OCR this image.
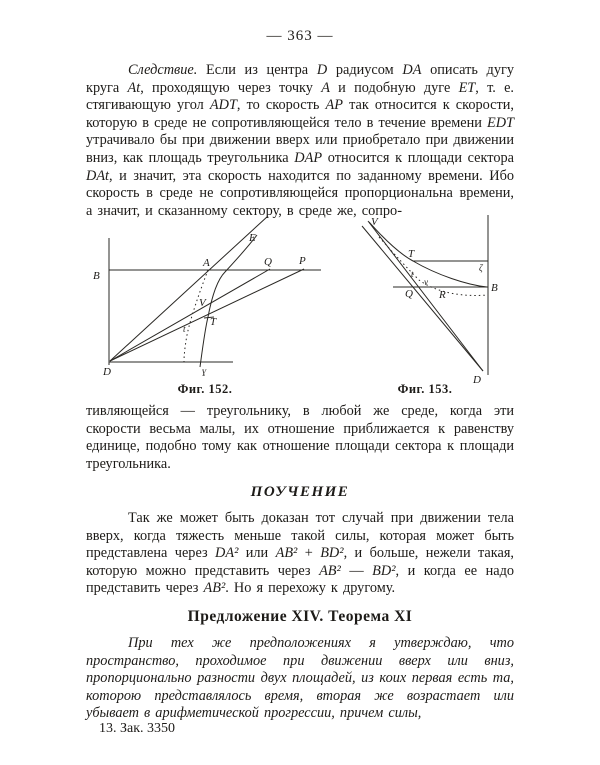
— 363 —
Следствие. Если из центра D радиусом DA описать дугу круга At, проходящую через точку A и подобную дуге ET, т. е. стягивающую угол ADT, то скорость AP так относится к скорости, которую в среде не сопротивляющейся тело в течение времени EDT утрачивало бы при движении вверх или приобретало при движении вниз, как площадь треугольника DAP относится к площади сектора DAt, и значит, эта скорость находится по заданному времени. Ибо скорость в среде не сопротивляющейся пропорциональна времени, а значит, и сказанному сектору, в среде же, сопро-
B
A	Q P
E
V
T
t
D	ɣ
V
T
ζ
t
v
Q R
B
D
Фиг. 152.	Фиг. 153.
тивляющейся — треугольнику, в любой же среде, когда эти скорости весьма малы, их отношение приближается к равенству единице, подобно тому как отношение площади сектора к площади треугольника.
ПОУЧЕНИЕ
Так же может быть доказан тот случай при движении тела вверх, когда тяжесть меньше такой силы, которая может быть представлена через DA² или AB² + BD², и больше, нежели такая, которую можно представить через AB² — BD², и когда ее надо представить через AB². Но я перехожу к другому.
Предложение XIV. Теорема XI
При тех же предположениях я утверждаю, что пространство, проходимое при движении вверх или вниз, пропорционально разности двух площадей, из коих первая есть та, которою представлялось время, вторая же возрастает или убывает в арифметической прогрессии, причем силы,
13. Зак. 3350
